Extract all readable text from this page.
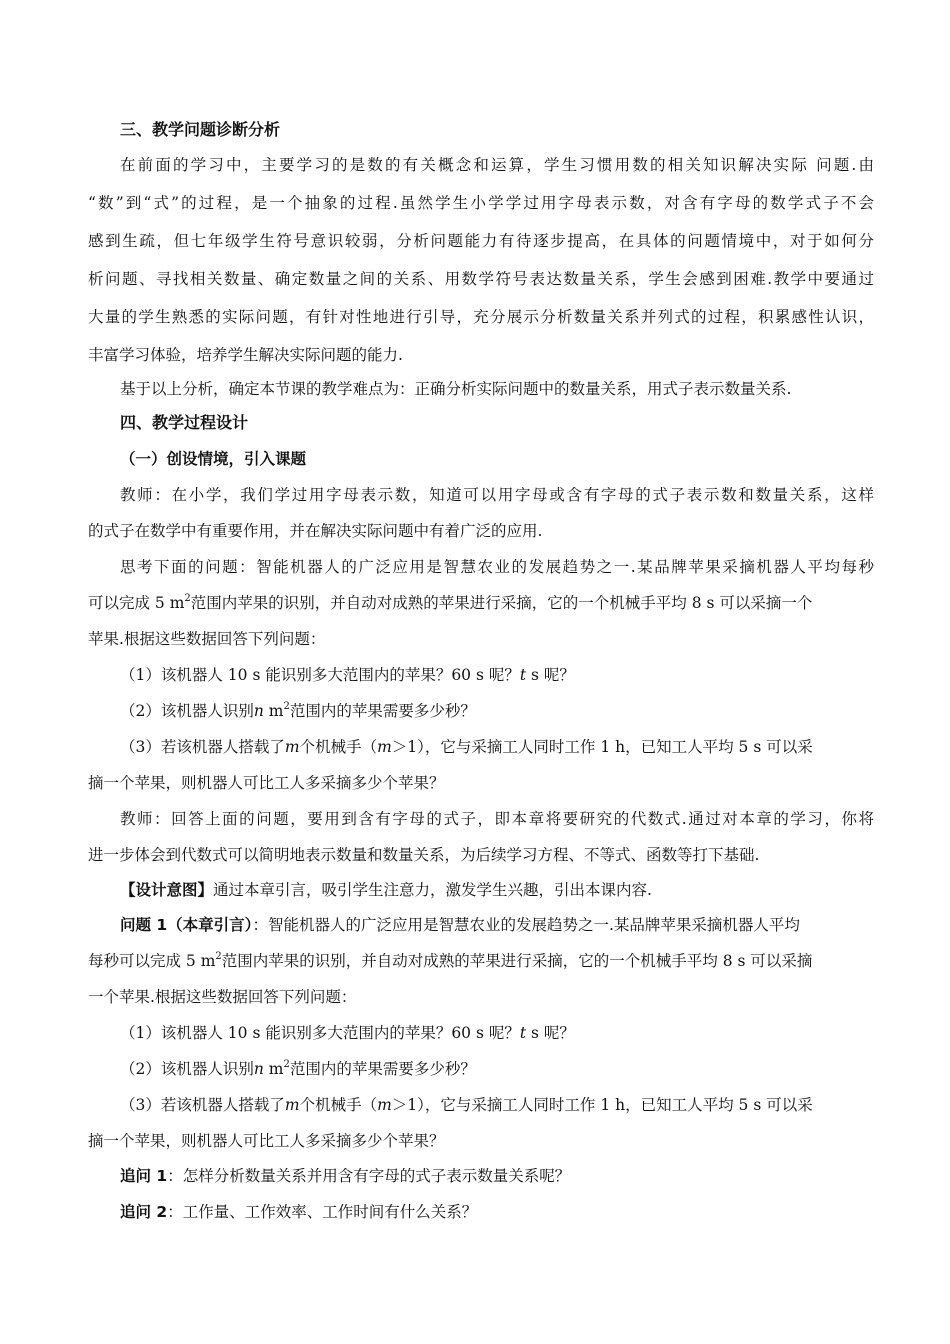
三、教学问题诊断分析
在前面的学习中，主要学习的是数的有关概念和运算，学生习惯用数的相关知识解决实际 问题.由
“数”到“式”的过程，是一个抽象的过程.虽然学生小学学过用字母表示数，对含有字母的数学式子不会
感到生疏，但七年级学生符号意识较弱，分析问题能力有待逐步提高，在具体的问题情境中，对于如何分
析问题、寻找相关数量、确定数量之间的关系、用数学符号表达数量关系，学生会感到困难.教学中要通过
大量的学生熟悉的实际问题，有针对性地进行引导，充分展示分析数量关系并列式的过程，积累感性认识，
丰富学习体验，培养学生解决实际问题的能力.
基于以上分析，确定本节课的教学难点为：正确分析实际问题中的数量关系，用式子表示数量关系.
四、教学过程设计
（一）创设情境，引入课题
教师：在小学，我们学过用字母表示数，知道可以用字母或含有字母的式子表示数和数量关系，这样
的式子在数学中有重要作用，并在解决实际问题中有着广泛的应用.
思考下面的问题：智能机器人的广泛应用是智慧农业的发展趋势之一.某品牌苹果采摘机器人平均每秒
可以完成 5 $m^2$范围内苹果的识别，并自动对成熟的苹果进行采摘，它的一个机械手平均 8 s 可以采摘一个
苹果.根据这些数据回答下列问题：
（1）该机器人 10 s 能识别多大范围内的苹果？60 s 呢？t s 呢？
（2）该机器人识别n $m^2$范围内的苹果需要多少秒？
（3）若该机器人搭载了m个机械手（m＞1），它与采摘工人同时工作 1 h，已知工人平均 5 s 可以采
摘一个苹果，则机器人可比工人多采摘多少个苹果？
教师：回答上面的问题，要用到含有字母的式子，即本章将要研究的代数式.通过对本章的学习，你将
进一步体会到代数式可以简明地表示数量和数量关系，为后续学习方程、不等式、函数等打下基础.
【设计意图】通过本章引言，吸引学生注意力，激发学生兴趣，引出本课内容.
问题 1（本章引言）：智能机器人的广泛应用是智慧农业的发展趋势之一.某品牌苹果采摘机器人平均
每秒可以完成 5 $m^2$范围内苹果的识别，并自动对成熟的苹果进行采摘，它的一个机械手平均 8 s 可以采摘
一个苹果.根据这些数据回答下列问题：
（1）该机器人 10 s 能识别多大范围内的苹果？60 s 呢？t s 呢？
（2）该机器人识别n $m^2$范围内的苹果需要多少秒？
（3）若该机器人搭载了m个机械手（m＞1），它与采摘工人同时工作 1 h，已知工人平均 5 s 可以采
摘一个苹果，则机器人可比工人多采摘多少个苹果？
追问 1：怎样分析数量关系并用含有字母的式子表示数量关系呢？
追问 2：工作量、工作效率、工作时间有什么关系？
